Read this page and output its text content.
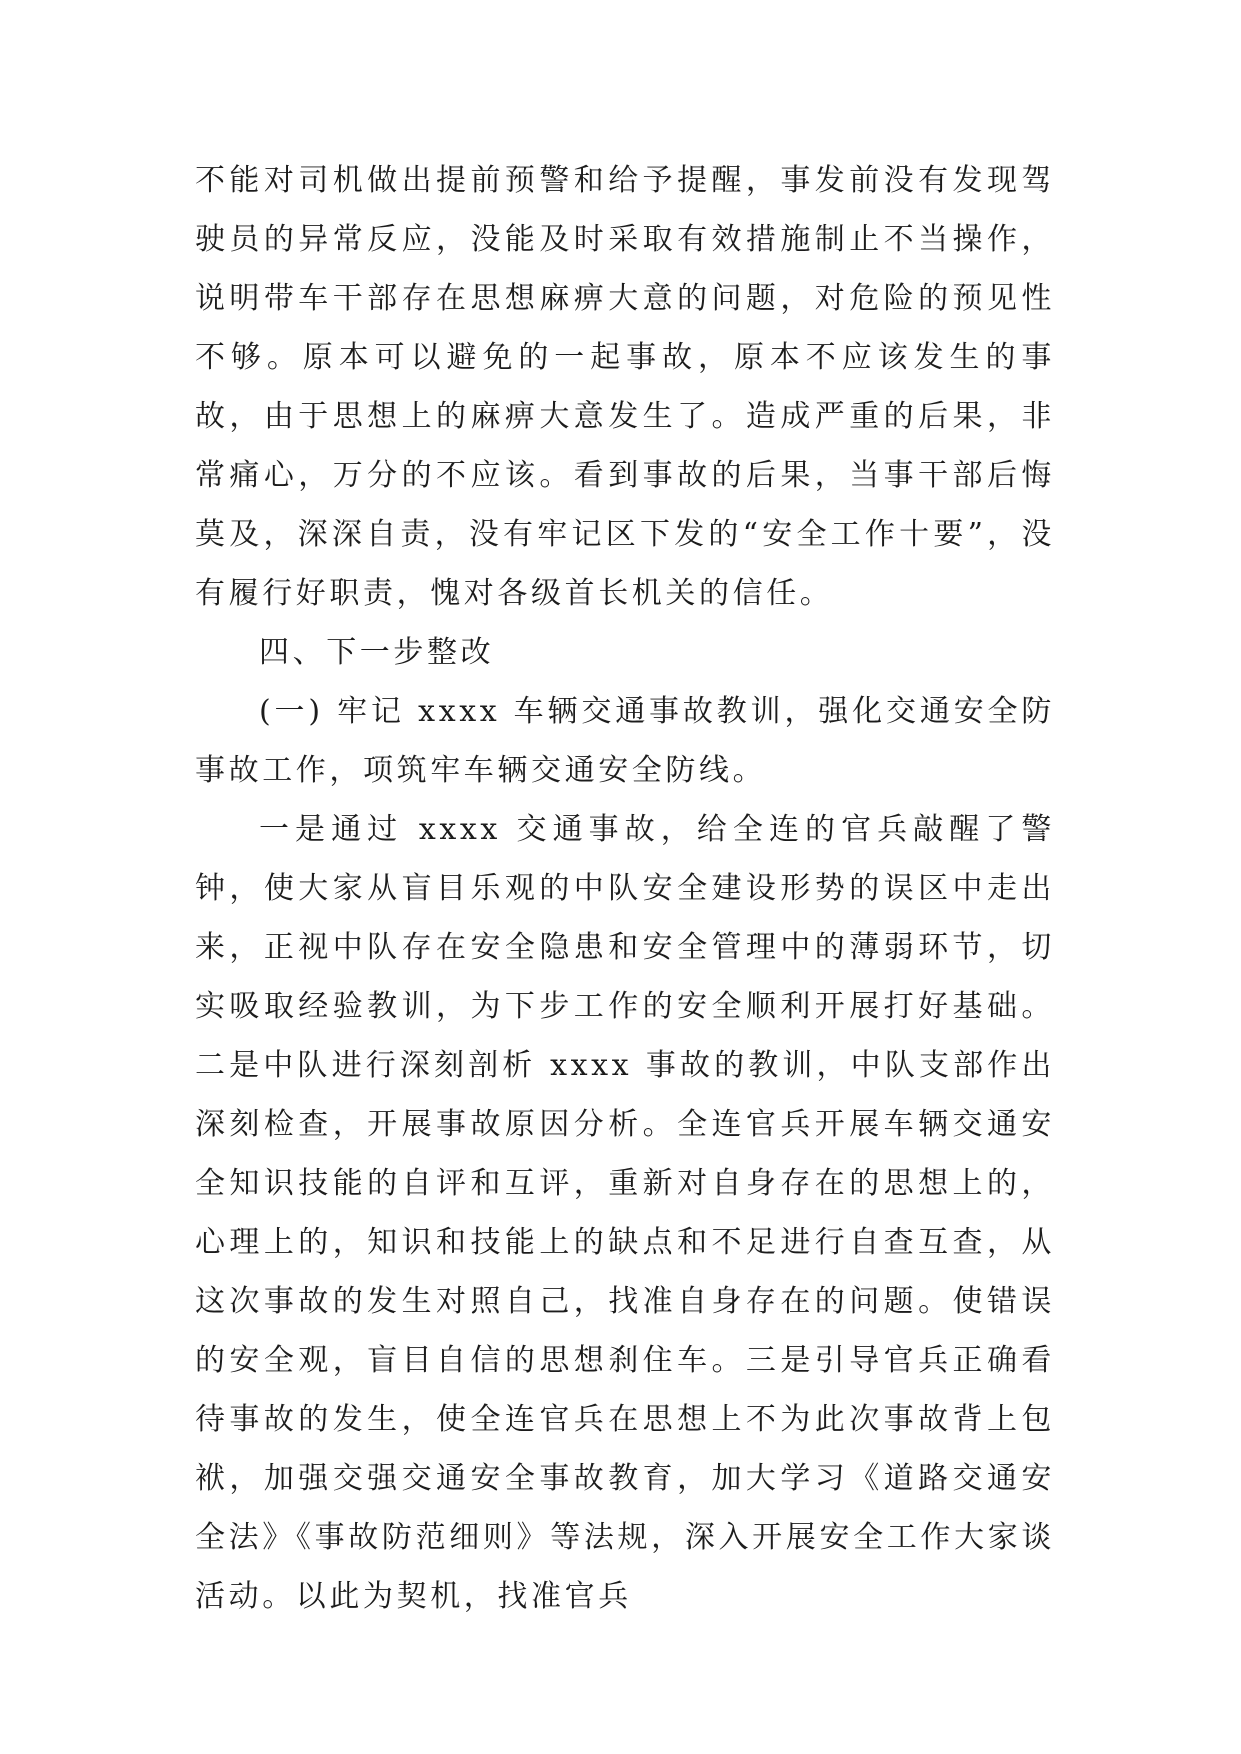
不能对司机做出提前预警和给予提醒，事发前没有发现驾驶员的异常反应，没能及时采取有效措施制止不当操作，说明带车干部存在思想麻痹大意的问题，对危险的预见性不够。原本可以避免的一起事故，原本不应该发生的事故，由于思想上的麻痹大意发生了。造成严重的后果，非常痛心，万分的不应该。看到事故的后果，当事干部后悔莫及，深深自责，没有牢记区下发的“安全工作十要”，没有履行好职责，愧对各级首长机关的信任。

四、下一步整改

(一) 牢记 xxxx 车辆交通事故教训，强化交通安全防事故工作，项筑牢车辆交通安全防线。

一是通过 xxxx 交通事故，给全连的官兵敲醒了警钟，使大家从盲目乐观的中队安全建设形势的误区中走出来，正视中队存在安全隐患和安全管理中的薄弱环节，切实吸取经验教训，为下步工作的安全顺利开展打好基础。二是中队进行深刻剖析 xxxx 事故的教训，中队支部作出深刻检查，开展事故原因分析。全连官兵开展车辆交通安全知识技能的自评和互评，重新对自身存在的思想上的，心理上的，知识和技能上的缺点和不足进行自查互查，从这次事故的发生对照自己，找准自身存在的问题。使错误的安全观，盲目自信的思想刹住车。三是引导官兵正确看待事故的发生，使全连官兵在思想上不为此次事故背上包袱，加强交强交通安全事故教育，加大学习《道路交通安全法》《事故防范细则》等法规，深入开展安全工作大家谈活动。以此为契机，找准官兵
